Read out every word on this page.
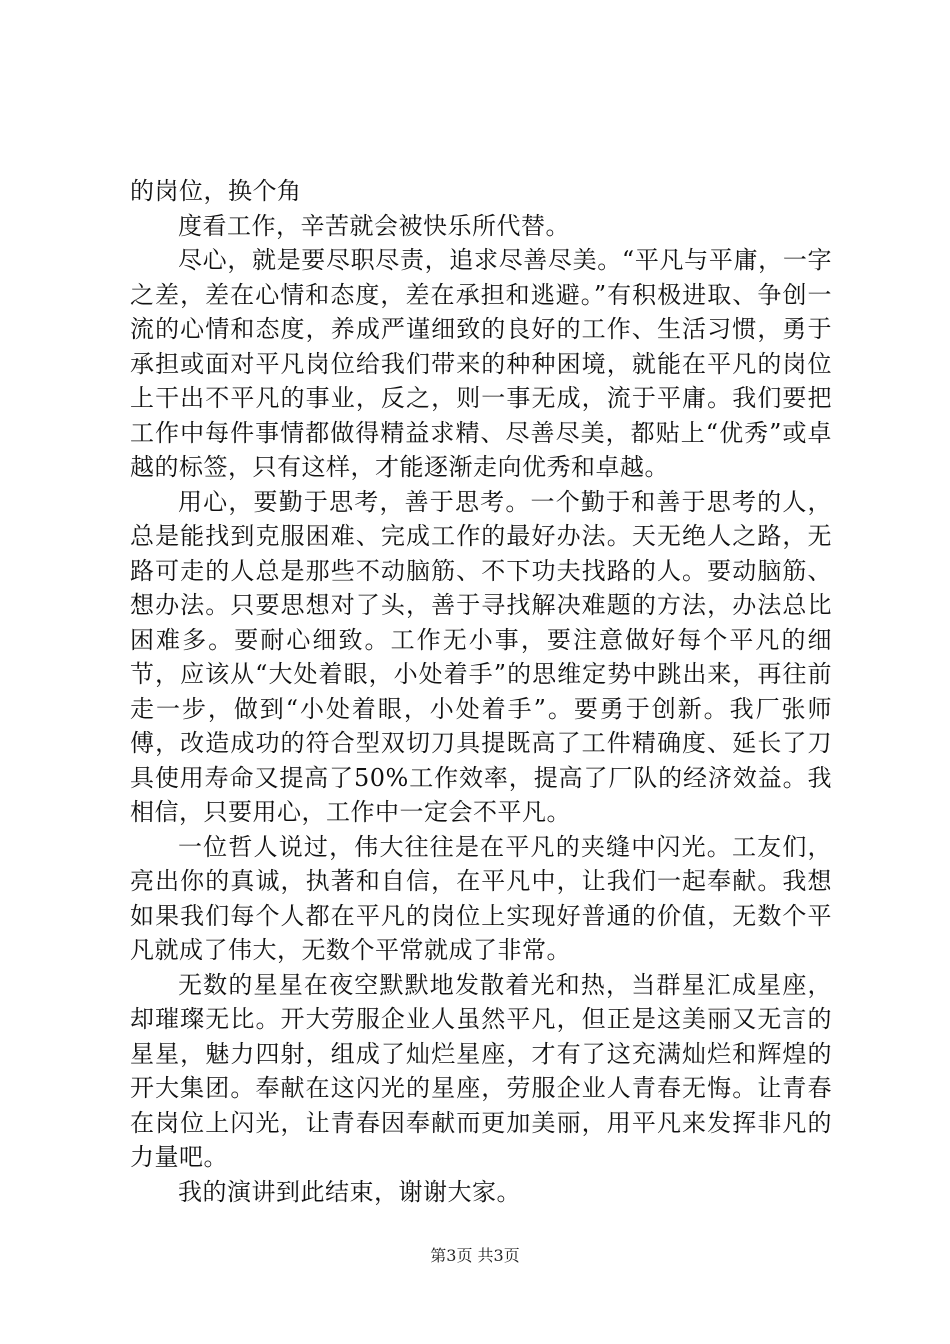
的岗位，换个角

度看工作，辛苦就会被快乐所代替。

尽心，就是要尽职尽责，追求尽善尽美。“平凡与平庸，一字之差，差在心情和态度，差在承担和逃避。”有积极进取、争创一流的心情和态度，养成严谨细致的良好的工作、生活习惯，勇于承担或面对平凡岗位给我们带来的种种困境，就能在平凡的岗位上干出不平凡的事业，反之，则一事无成，流于平庸。我们要把工作中每件事情都做得精益求精、尽善尽美，都贴上“优秀”或卓越的标签，只有这样，才能逐渐走向优秀和卓越。

用心，要勤于思考，善于思考。一个勤于和善于思考的人，总是能找到克服困难、完成工作的最好办法。天无绝人之路，无路可走的人总是那些不动脑筋、不下功夫找路的人。要动脑筋、想办法。只要思想对了头，善于寻找解决难题的方法，办法总比困难多。要耐心细致。工作无小事，要注意做好每个平凡的细节，应该从“大处着眼，小处着手”的思维定势中跳出来，再往前走一步，做到“小处着眼，小处着手”。要勇于创新。我厂张师傅，改造成功的符合型双切刀具提既高了工件精确度、延长了刀具使用寿命又提高了50%工作效率，提高了厂队的经济效益。我相信，只要用心，工作中一定会不平凡。

一位哲人说过，伟大往往是在平凡的夹缝中闪光。工友们，亮出你的真诚，执著和自信，在平凡中，让我们一起奉献。我想如果我们每个人都在平凡的岗位上实现好普通的价值，无数个平凡就成了伟大，无数个平常就成了非常。

无数的星星在夜空默默地发散着光和热，当群星汇成星座，却璀璨无比。开大劳服企业人虽然平凡，但正是这美丽又无言的星星，魅力四射，组成了灿烂星座，才有了这充满灿烂和辉煌的开大集团。奉献在这闪光的星座，劳服企业人青春无悔。让青春在岗位上闪光，让青春因奉献而更加美丽，用平凡来发挥非凡的力量吧。

我的演讲到此结束，谢谢大家。

第3页 共3页
